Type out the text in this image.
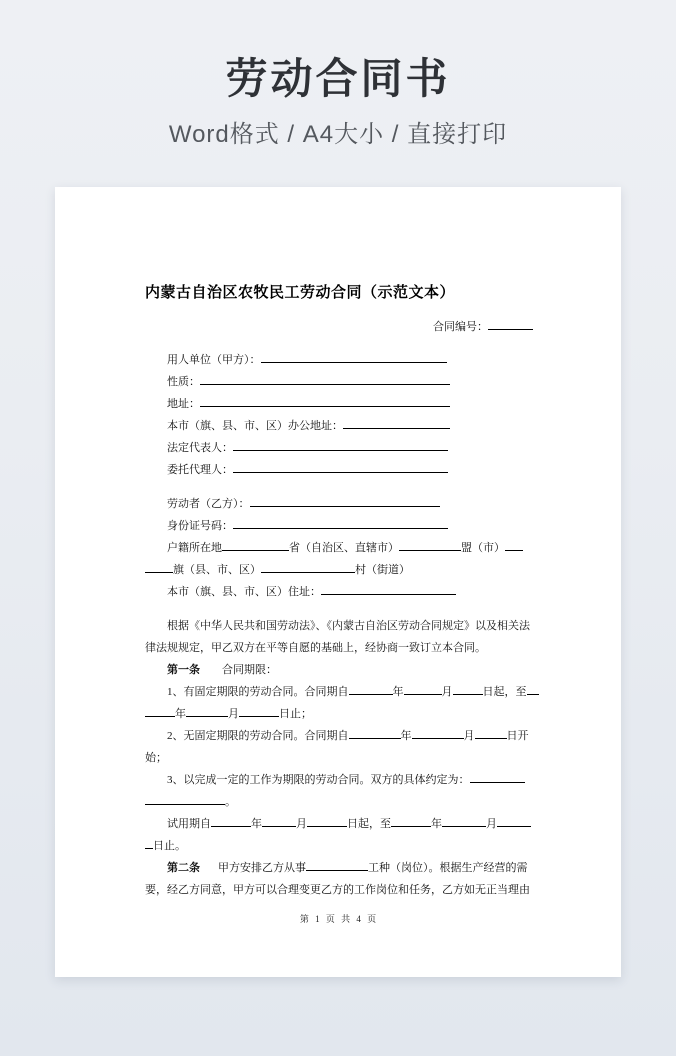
劳动合同书

Word格式 / A4大小 / 直接打印

内蒙古自治区农牧民工劳动合同（示范文本）
合同编号：
用人单位（甲方）：
性质：
地址：
本市（旗、县、市、区）办公地址：
法定代表人：
委托代理人：
劳动者（乙方）：
身份证号码：
户籍所在地	省（自治区、直辖市）	盟（市）
旗（县、市、区）	村（街道）
本市（旗、县、市、区）住址：
根据《中华人民共和国劳动法》、《内蒙古自治区劳动合同规定》以及相关法
律法规规定，甲乙双方在平等自愿的基础上，经协商一致订立本合同。
第一条 合同期限：
1、有固定期限的劳动合同。合同期自	年	月	日起，至
年	月	日止；
2、无固定期限的劳动合同。合同期自	年	月	日开
始；
3、以完成一定的工作为期限的劳动合同。双方的具体约定为：
。
试用期自	年	月	日起，至	年	月
日止。
第二条 甲方安排乙方从事	工种（岗位）。根据生产经营的需
要，经乙方同意，甲方可以合理变更乙方的工作岗位和任务，乙方如无正当理由
第 1 页 共 4 页
